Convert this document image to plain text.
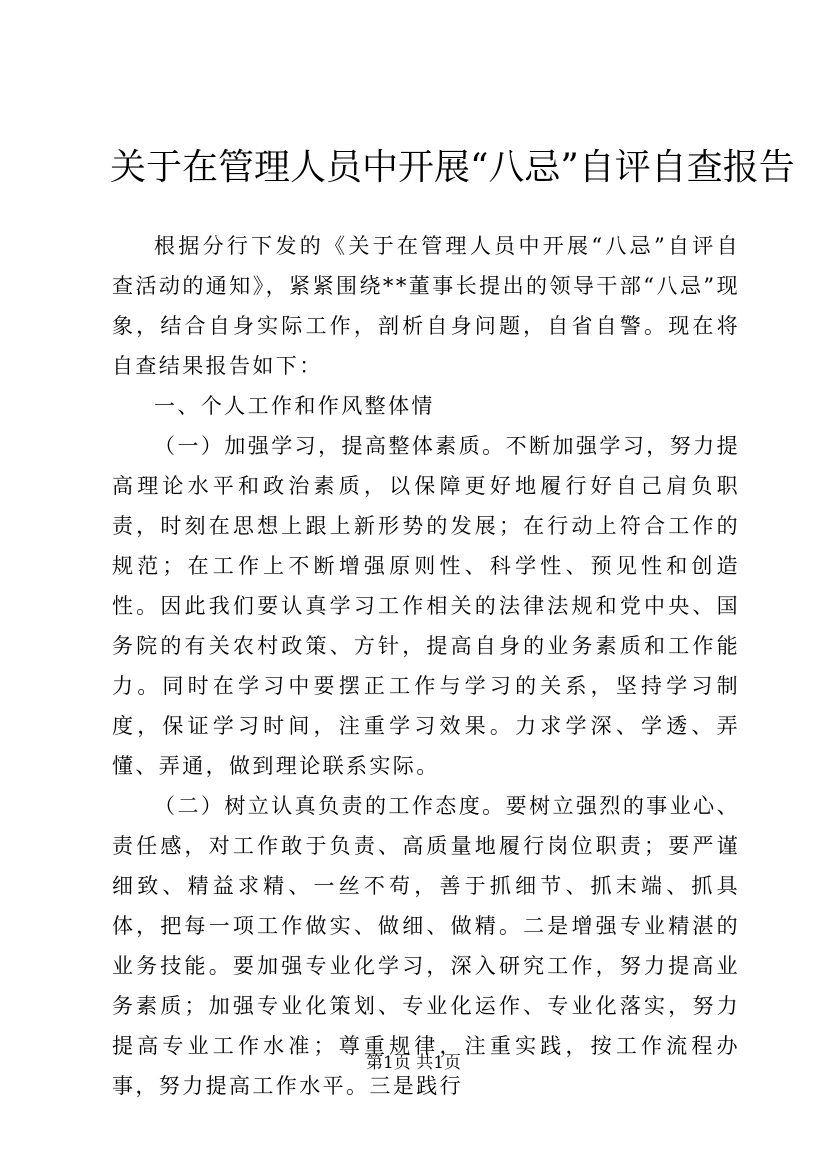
关于在管理人员中开展“八忌”自评自查报告

根据分行下发的《关于在管理人员中开展“八忌”自评自查活动的通知》，紧紧围绕**董事长提出的领导干部“八忌”现象，结合自身实际工作，剖析自身问题，自省自警。现在将自查结果报告如下：

一、个人工作和作风整体情

（一）加强学习，提高整体素质。不断加强学习，努力提高理论水平和政治素质，以保障更好地履行好自己肩负职责，时刻在思想上跟上新形势的发展；在行动上符合工作的规范；在工作上不断增强原则性、科学性、预见性和创造性。因此我们要认真学习工作相关的法律法规和党中央、国务院的有关农村政策、方针，提高自身的业务素质和工作能力。同时在学习中要摆正工作与学习的关系，坚持学习制度，保证学习时间，注重学习效果。力求学深、学透、弄懂、弄通，做到理论联系实际。

（二）树立认真负责的工作态度。要树立强烈的事业心、责任感，对工作敢于负责、高质量地履行岗位职责；要严谨细致、精益求精、一丝不苟，善于抓细节、抓末端、抓具体，把每一项工作做实、做细、做精。二是增强专业精湛的业务技能。要加强专业化学习，深入研究工作，努力提高业务素质；加强专业化策划、专业化运作、专业化落实，努力提高专业工作水准；尊重规律，注重实践，按工作流程办事，努力提高工作水平。三是践行

第1页 共1页
